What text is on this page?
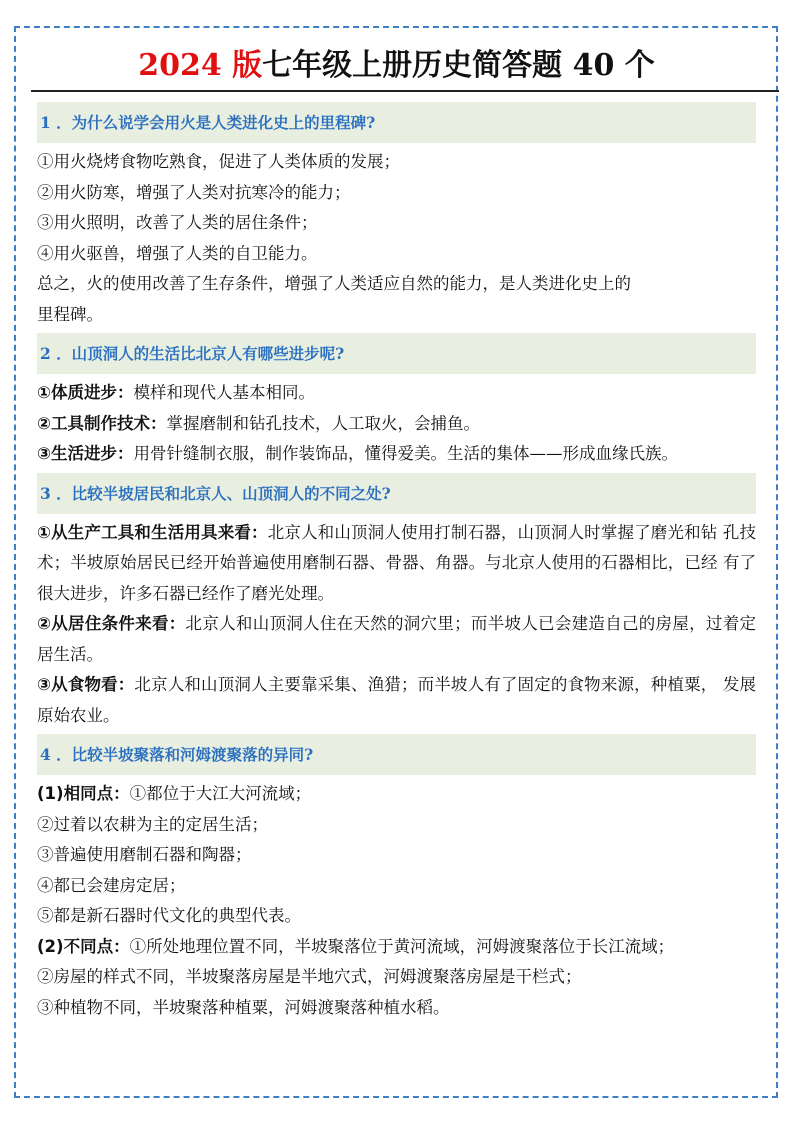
2024 版七年级上册历史简答题 40 个
1 ．为什么说学会用火是人类进化史上的里程碑?

①用火烧烤食物吃熟食，促进了人类体质的发展；

②用火防寒，增强了人类对抗寒冷的能力；

③用火照明，改善了人类的居住条件；

④用火驱兽，增强了人类的自卫能力。

总之，火的使用改善了生存条件，增强了人类适应自然的能力，是人类进化史上的

里程碑。

2 ．山顶洞人的生活比北京人有哪些进步呢?

①体质进步：模样和现代人基本相同。

②工具制作技术：掌握磨制和钻孔技术，人工取火，会捕鱼。

③生活进步：用骨针缝制衣服，制作装饰品，懂得爱美。生活的集体——形成血缘氏族。

3 ．比较半坡居民和北京人、山顶洞人的不同之处?

①从生产工具和生活用具来看：北京人和山顶洞人使用打制石器，山顶洞人时掌握了磨光和钻 孔技术；半坡原始居民已经开始普遍使用磨制石器、骨器、角器。与北京人使用的石器相比，已经 有了很大进步，许多石器已经作了磨光处理。

②从居住条件来看：北京人和山顶洞人住在天然的洞穴里；而半坡人已会建造自己的房屋，过着定居生活。

③从食物看：北京人和山顶洞人主要靠采集、渔猎；而半坡人有了固定的食物来源，种植粟， 发展原始农业。

4 ．比较半坡聚落和河姆渡聚落的异同?

(1)相同点：①都位于大江大河流域；

②过着以农耕为主的定居生活；

③普遍使用磨制石器和陶器；

④都已会建房定居；

⑤都是新石器时代文化的典型代表。

(2)不同点：①所处地理位置不同，半坡聚落位于黄河流域，河姆渡聚落位于长江流域；

②房屋的样式不同，半坡聚落房屋是半地穴式，河姆渡聚落房屋是干栏式；

③种植物不同，半坡聚落种植粟，河姆渡聚落种植水稻。
